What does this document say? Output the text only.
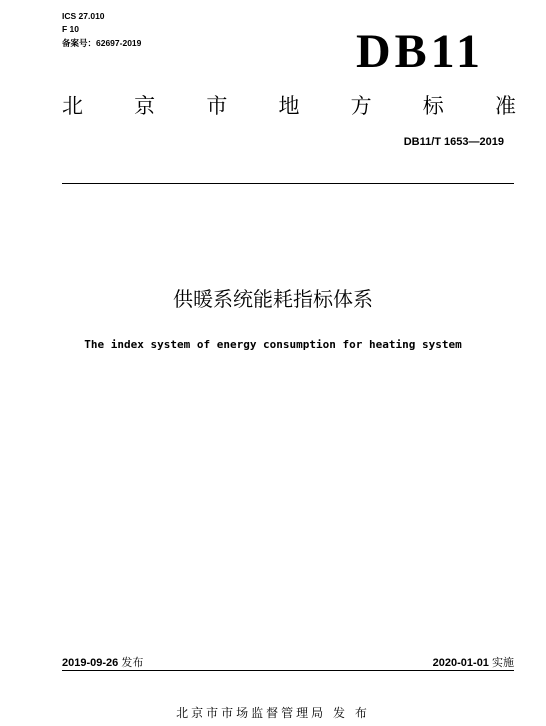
ICS 27.010
F 10
备案号：62697-2019	DB11
北 京 市 地 方 标 准
DB11/T 1653—2019
供暖系统能耗指标体系
The index system of energy consumption for heating system
2019-09-26 发布	2020-01-01 实施
北京市市场监督管理局 发 布
